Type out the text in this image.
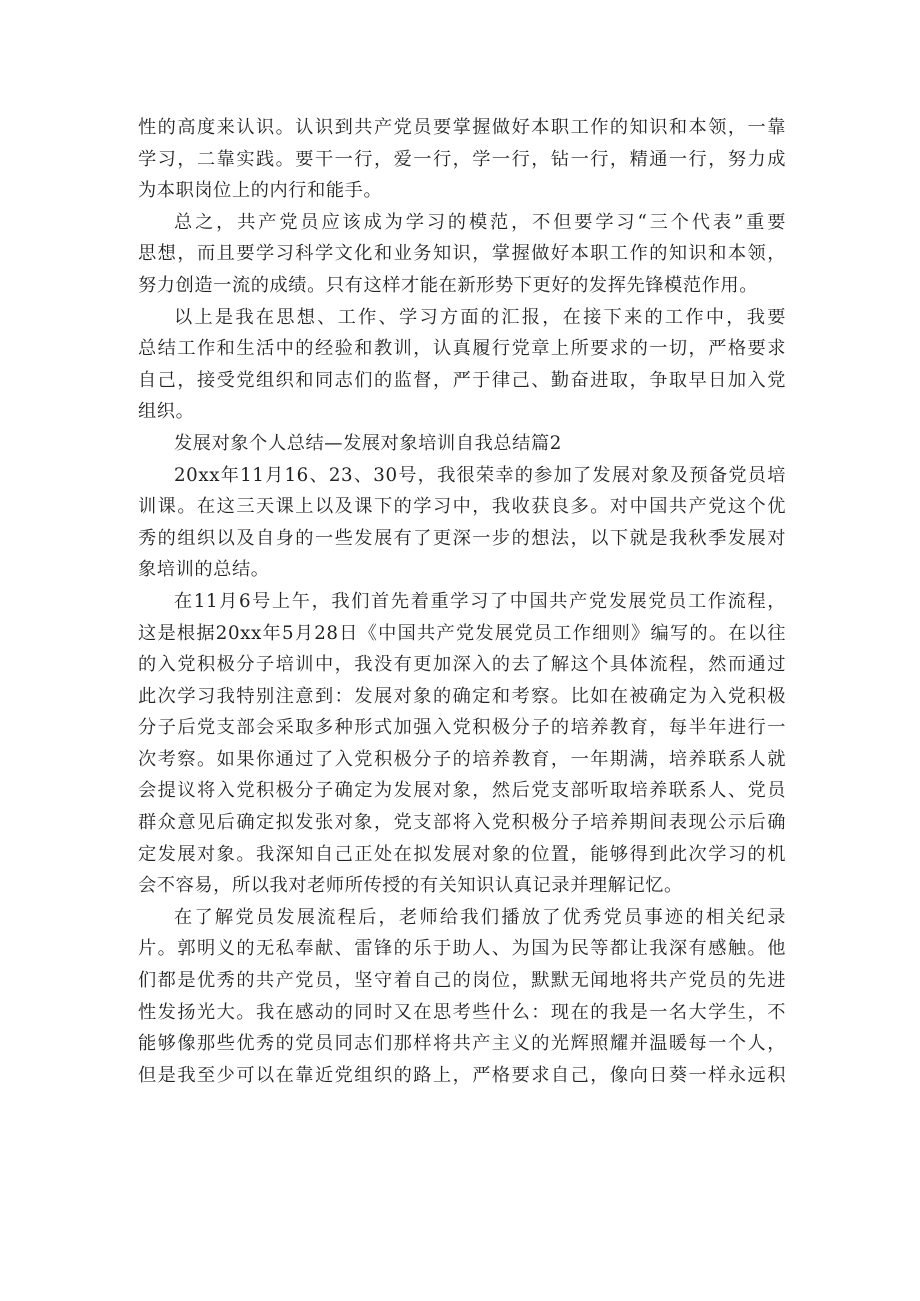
性的高度来认识。认识到共产党员要掌握做好本职工作的知识和本领，一靠
学习，二靠实践。要干一行，爱一行，学一行，钻一行，精通一行，努力成
为本职岗位上的内行和能手。
总之，共产党员应该成为学习的模范，不但要学习“三个代表”重要
思想，而且要学习科学文化和业务知识，掌握做好本职工作的知识和本领，
努力创造一流的成绩。只有这样才能在新形势下更好的发挥先锋模范作用。
以上是我在思想、工作、学习方面的汇报，在接下来的工作中，我要
总结工作和生活中的经验和教训，认真履行党章上所要求的一切，严格要求
自己，接受党组织和同志们的监督，严于律己、勤奋进取，争取早日加入党
组织。
发展对象个人总结—发展对象培训自我总结篇2
20xx年11月16、23、30号，我很荣幸的参加了发展对象及预备党员培
训课。在这三天课上以及课下的学习中，我收获良多。对中国共产党这个优
秀的组织以及自身的一些发展有了更深一步的想法，以下就是我秋季发展对
象培训的总结。
在11月6号上午，我们首先着重学习了中国共产党发展党员工作流程，
这是根据20xx年5月28日《中国共产党发展党员工作细则》编写的。在以往
的入党积极分子培训中，我没有更加深入的去了解这个具体流程，然而通过
此次学习我特别注意到：发展对象的确定和考察。比如在被确定为入党积极
分子后党支部会采取多种形式加强入党积极分子的培养教育，每半年进行一
次考察。如果你通过了入党积极分子的培养教育，一年期满，培养联系人就
会提议将入党积极分子确定为发展对象，然后党支部听取培养联系人、党员
群众意见后确定拟发张对象，党支部将入党积极分子培养期间表现公示后确
定发展对象。我深知自己正处在拟发展对象的位置，能够得到此次学习的机
会不容易，所以我对老师所传授的有关知识认真记录并理解记忆。
在了解党员发展流程后，老师给我们播放了优秀党员事迹的相关纪录
片。郭明义的无私奉献、雷锋的乐于助人、为国为民等都让我深有感触。他
们都是优秀的共产党员，坚守着自己的岗位，默默无闻地将共产党员的先进
性发扬光大。我在感动的同时又在思考些什么：现在的我是一名大学生，不
能够像那些优秀的党员同志们那样将共产主义的光辉照耀并温暖每一个人，
但是我至少可以在靠近党组织的路上，严格要求自己，像向日葵一样永远积
